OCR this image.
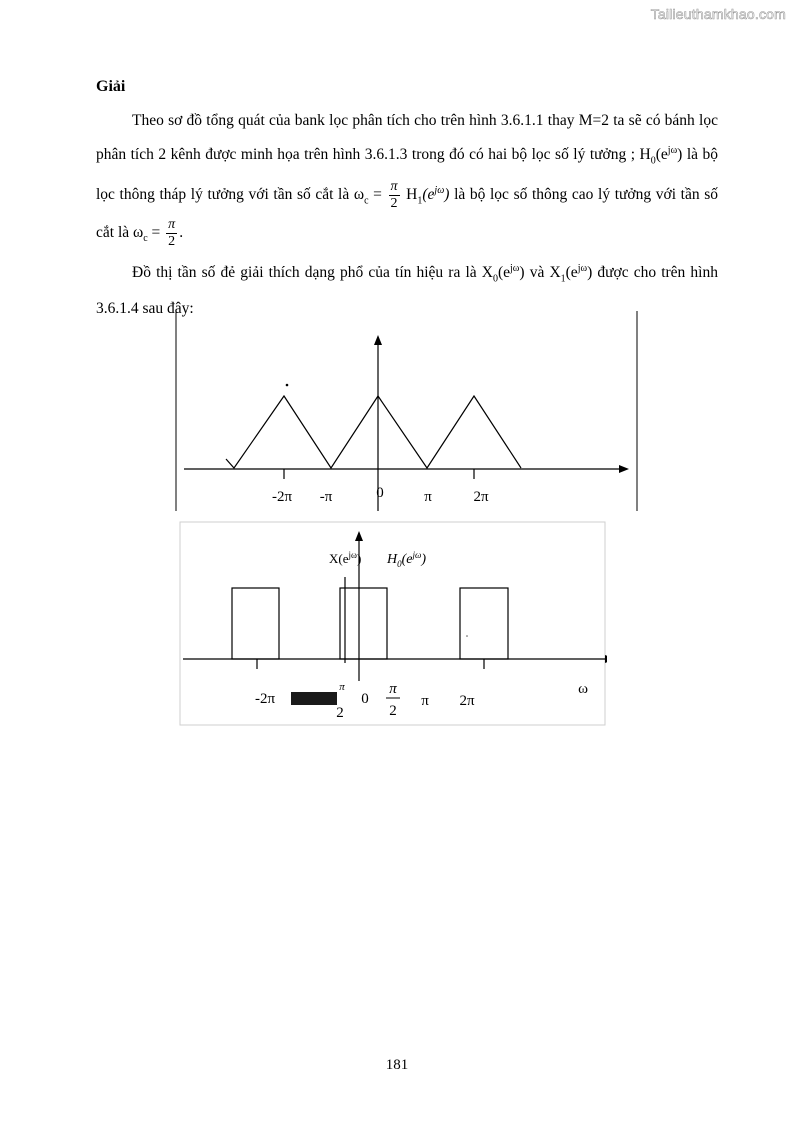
Tailieuthamkhao.com
Giải
Theo sơ đồ tổng quát của bank lọc phân tích cho trên hình 3.6.1.1 thay M=2 ta sẽ có bánh lọc phân tích 2 kênh được minh họa trên hình 3.6.1.3 trong đó có hai bộ lọc số lý tưởng ; $H_0(e^{j\omega})$ là bộ lọc thông tháp lý tưởng với tần số cắt là $\omega_c = \frac{\pi}{2} H_1(e^{j\omega})$ là bộ lọc số thông cao lý tưởng với tần số cắt là $\omega_c = \frac{\pi}{2}$ .
Đồ thị tần số đẻ giải thích dạng phổ của tín hiệu ra là $X_0(e^{j\omega})$ và $X_1(e^{j\omega})$ được cho trên hình 3.6.1.4 sau đây:
-2π -π	0	π	2π
$X(e^{j\omega})$ $H_0(e^{j\omega})$
-2π
π
2
0
π
2
π 2π
ω
181
